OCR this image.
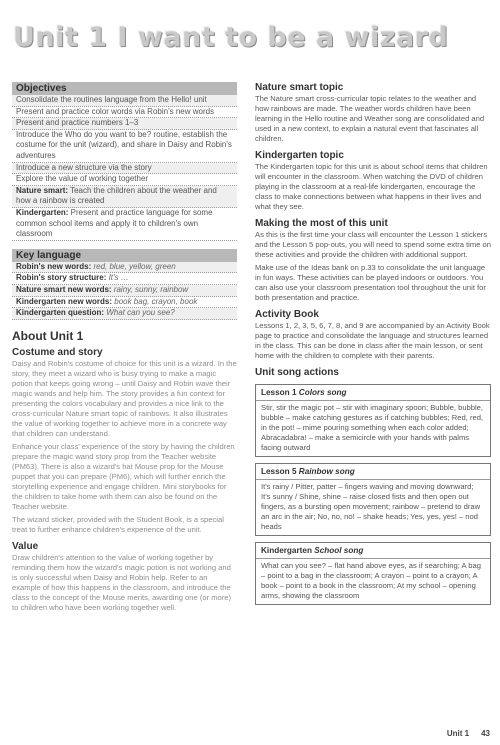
Unit 1 I want to be a wizard
Objectives
Consolidate the routines language from the Hello! unit
Present and practice color words via Robin's new words
Present and practice numbers 1–3
Introduce the Who do you want to be? routine, establish the costume for the unit (wizard), and share in Daisy and Robin's adventures
Introduce a new structure via the story
Explore the value of working together
Nature smart: Teach the children about the weather and how a rainbow is created
Kindergarten: Present and practice language for some common school items and apply it to children's own classroom
Key language
Robin's new words: red, blue, yellow, green
Robin's story structure: It's …
Nature smart new words: rainy, sunny, rainbow
Kindergarten new words: book bag, crayon, book
Kindergarten question: What can you see?
About Unit 1
Costume and story

Daisy and Robin's costume of choice for this unit is a wizard. In the story, they meet a wizard who is busy trying to make a magic potion that keeps going wrong – until Daisy and Robin wave their magic wands and help him. The story provides a fun context for presenting the colors vocabulary and provides a nice link to the cross-curricular Nature smart topic of rainbows. It also illustrates the value of working together to achieve more in a concrete way that children can understand.

Enhance your class' experience of the story by having the children prepare the magic wand story prop from the Teacher website (PM63). There is also a wizard's hat Mouse prop for the Mouse puppet that you can prepare (PM6), which will further enrich the storytelling experience and engage children. Mini storybooks for the children to take home with them can also be found on the Teacher website.

The wizard sticker, provided with the Student Book, is a special treat to further enhance children's experience of the unit.

Value

Draw children's attention to the value of working together by reminding them how the wizard's magic potion is not working and is only successful when Daisy and Robin help. Refer to an example of how this happens in the classroom, and introduce the class to the concept of the Mouse merits, awarding one (or more) to children who have been working together well.

Nature smart topic

The Nature smart cross-curricular topic relates to the weather and how rainbows are made. The weather words children have been learning in the Hello routine and Weather song are consolidated and used in a new context, to explain a natural event that fascinates all children.

Kindergarten topic

The Kindergarten topic for this unit is about school items that children will encounter in the classroom. When watching the DVD of children playing in the classroom at a real-life kindergarten, encourage the class to make connections between what happens in their lives and what they see.

Making the most of this unit

As this is the first time your class will encounter the Lesson 1 stickers and the Lesson 5 pop-outs, you will need to spend some extra time on these activities and provide the children with additional support.

Make use of the Ideas bank on p.33 to consolidate the unit language in fun ways. These activities can be played indoors or outdoors. You can also use your classroom presentation tool throughout the unit for both presentation and practice.

Activity Book

Lessons 1, 2, 3, 5, 6, 7, 8, and 9 are accompanied by an Activity Book page to practice and consolidate the language and structures learned in the class. This can be done in class after the main lesson, or sent home with the children to complete with their parents.

Unit song actions
Lesson 1 Colors song
Stir, stir the magic pot – stir with imaginary spoon; Bubble, bubble, bubble – make catching gestures as if catching bubbles; Red, red, in the pot! – mime pouring something when each color added; Abracadabra! – make a semicircle with your hands with palms facing outward
Lesson 5 Rainbow song
It's rainy / Pitter, patter – fingers waving and moving downward; It's sunny / Shine, shine – raise closed fists and then open out fingers, as a bursting open movement; rainbow – pretend to draw an arc in the air; No, no, no! – shake heads; Yes, yes, yes! – nod heads
Kindergarten School song
What can you see? – flat hand above eyes, as if searching; A bag – point to a bag in the classroom; A crayon – point to a crayon; A book – point to a book in the classroom; At my school – opening arms, showing the classroom
Unit 1 43
